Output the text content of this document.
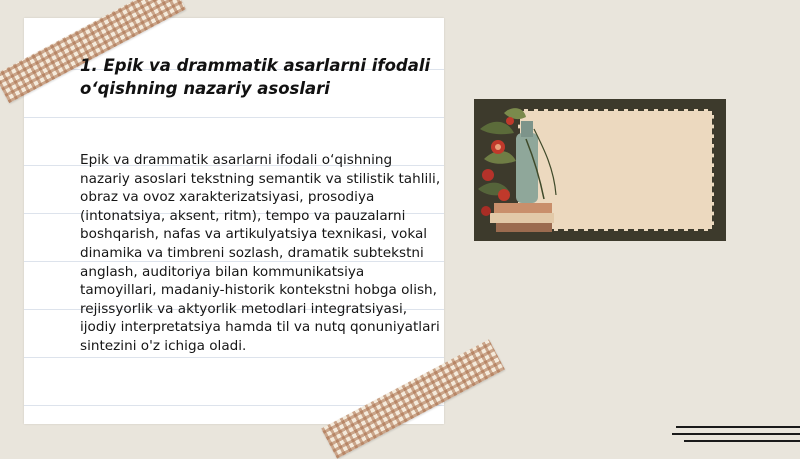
1. Epik va drammatik asarlarni ifodali o‘qishning nazariy asoslari

Epik va drammatik asarlarni ifodali o‘qishning nazariy asoslari tekstning semantik va stilistik tahlili, obraz va ovoz xarakterizatsiyasi, prosodiya (intonatsiya, aksent, ritm), tempo va pauzalarni boshqarish, nafas va artikulyatsiya texnikasi, vokal dinamika va timbreni sozlash, dramatik subtekstni anglash, auditoriya bilan kommunikatsiya tamoyillari, madaniy-historik kontekstni hobga olish, rejissyorlik va aktyorlik metodlari integratsiyasi, ijodiy interpretatsiya hamda til va nutq qonuniyatlari sintezini o'z ichiga oladi.
